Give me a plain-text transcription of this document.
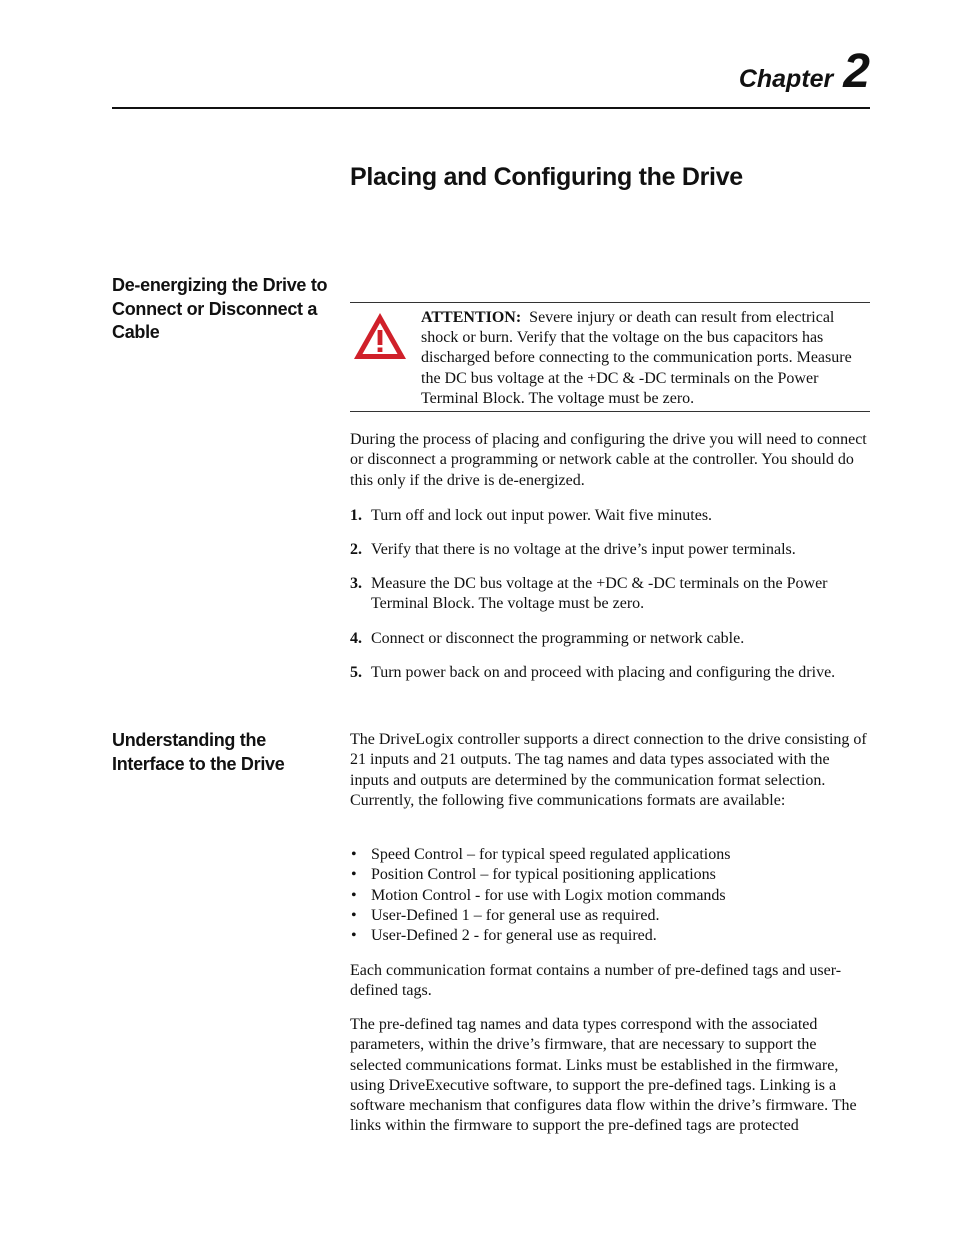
Chapter 2
Placing and Configuring the Drive
De-energizing the Drive to Connect or Disconnect a Cable

ATTENTION: Severe injury or death can result from electrical shock or burn. Verify that the voltage on the bus capacitors has discharged before connecting to the communication ports. Measure the DC bus voltage at the +DC & -DC terminals on the Power Terminal Block. The voltage must be zero.

During the process of placing and configuring the drive you will need to connect or disconnect a programming or network cable at the controller. You should do this only if the drive is de-energized.

1. Turn off and lock out input power. Wait five minutes.
2. Verify that there is no voltage at the drive’s input power terminals.
3. Measure the DC bus voltage at the +DC & -DC terminals on the Power Terminal Block. The voltage must be zero.
4. Connect or disconnect the programming or network cable.
5. Turn power back on and proceed with placing and configuring the drive.
Understanding the Interface to the Drive

The DriveLogix controller supports a direct connection to the drive consisting of 21 inputs and 21 outputs. The tag names and data types associated with the inputs and outputs are determined by the communication format selection. Currently, the following five communications formats are available:

• Speed Control – for typical speed regulated applications
• Position Control – for typical positioning applications
• Motion Control - for use with Logix motion commands
• User-Defined 1 – for general use as required.
• User-Defined 2 - for general use as required.

Each communication format contains a number of pre-defined tags and user-defined tags.

The pre-defined tag names and data types correspond with the associated parameters, within the drive’s firmware, that are necessary to support the selected communications format. Links must be established in the firmware, using DriveExecutive software, to support the pre-defined tags. Linking is a software mechanism that configures data flow within the drive’s firmware. The links within the firmware to support the pre-defined tags are protected
